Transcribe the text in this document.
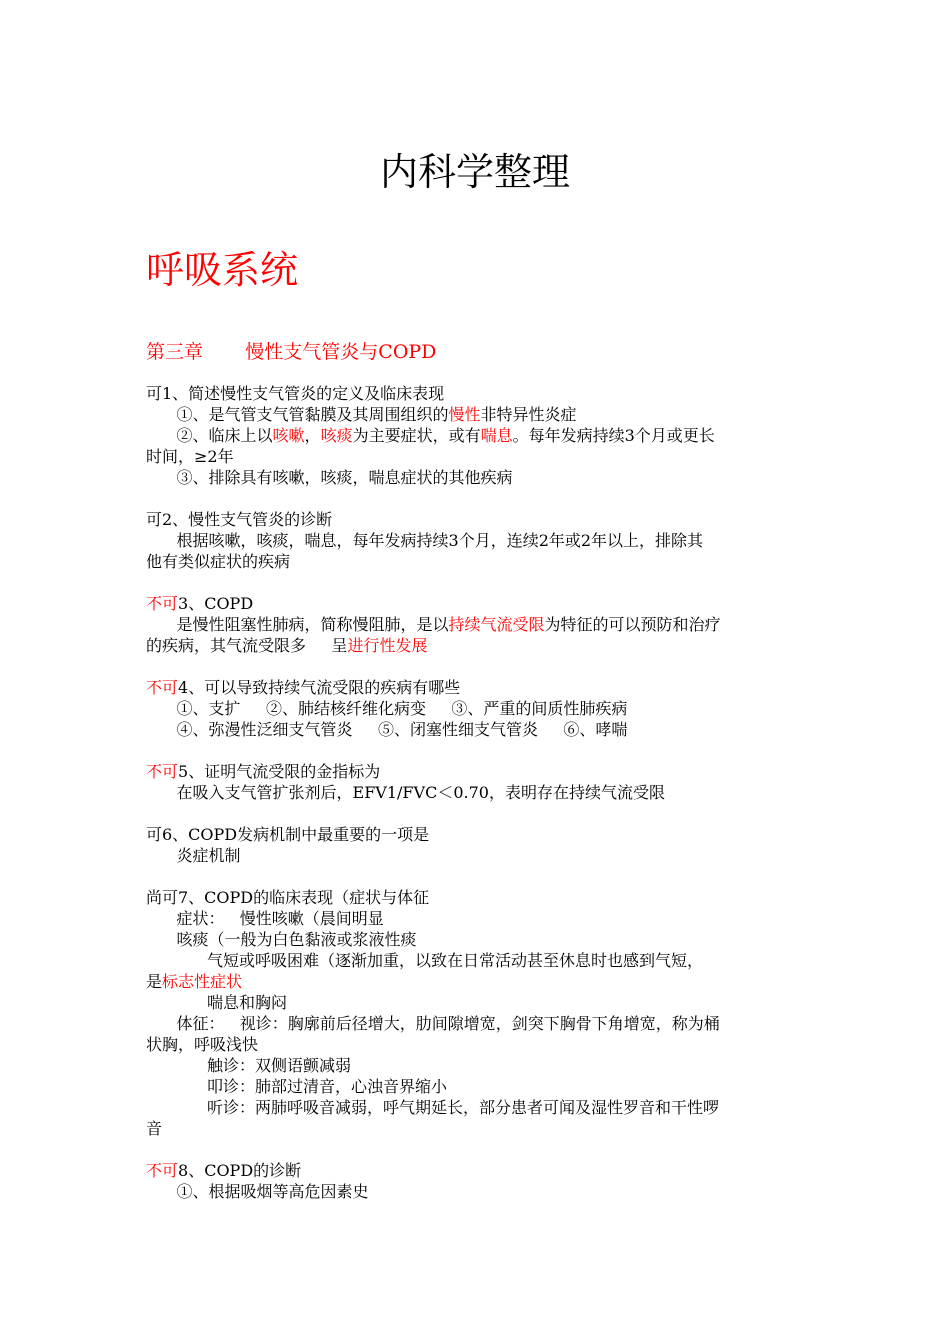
内科学整理
呼吸系统
第三章       慢性支气管炎与COPD
可1、简述慢性支气管炎的定义及临床表现
①、是气管支气管黏膜及其周围组织的慢性非特异性炎症
②、临床上以咳嗽，咳痰为主要症状，或有喘息。每年发病持续3个月或更长
时间，≥2年
③、排除具有咳嗽，咳痰，喘息症状的其他疾病
可2、慢性支气管炎的诊断
根据咳嗽，咳痰，喘息，每年发病持续3个月，连续2年或2年以上，排除其
他有类似症状的疾病
不可3、COPD
是慢性阻塞性肺病，简称慢阻肺，是以持续气流受限为特征的可以预防和治疗
的疾病，其气流受限多     呈进行性发展
不可4、可以导致持续气流受限的疾病有哪些
①、支扩     ②、肺结核纤维化病变     ③、严重的间质性肺疾病
④、弥漫性泛细支气管炎     ⑤、闭塞性细支气管炎     ⑥、哮喘
不可5、证明气流受限的金指标为
在吸入支气管扩张剂后，EFV1/FVC＜0.70，表明存在持续气流受限
可6、COPD发病机制中最重要的一项是
炎症机制
尚可7、COPD的临床表现（症状与体征
症状：   慢性咳嗽（晨间明显
咳痰（一般为白色黏液或浆液性痰
气短或呼吸困难（逐渐加重，以致在日常活动甚至休息时也感到气短，
是标志性症状
喘息和胸闷
体征：   视诊：胸廓前后径增大，肋间隙增宽，剑突下胸骨下角增宽，称为桶
状胸，呼吸浅快
触诊：双侧语颤减弱
叩诊：肺部过清音，心浊音界缩小
听诊：两肺呼吸音减弱，呼气期延长，部分患者可闻及湿性罗音和干性啰
音
不可8、COPD的诊断
①、根据吸烟等高危因素史
